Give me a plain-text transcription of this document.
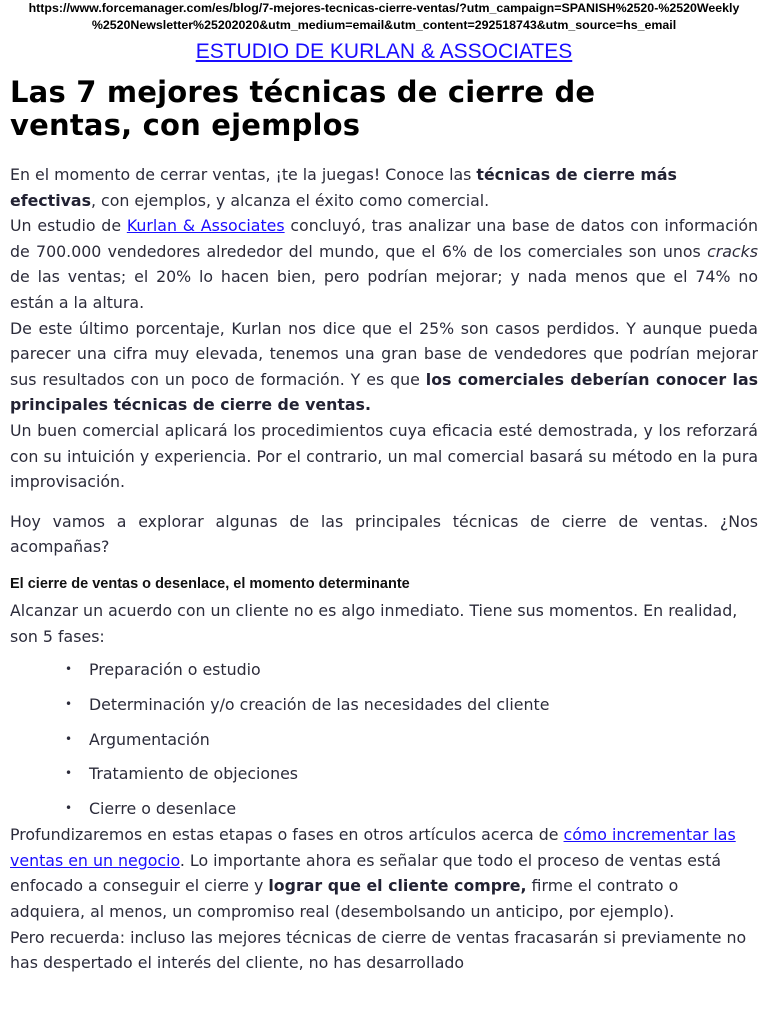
https://www.forcemanager.com/es/blog/7-mejores-tecnicas-cierre-ventas/?utm_campaign=SPANISH%2520-%2520Weekly
%2520Newsletter%25202020&utm_medium=email&utm_content=292518743&utm_source=hs_email

ESTUDIO DE KURLAN & ASSOCIATES
Las 7 mejores técnicas de cierre de
ventas, con ejemplos

En el momento de cerrar ventas, ¡te la juegas! Conoce las técnicas de cierre más efectivas, con ejemplos, y alcanza el éxito como comercial.

Un estudio de Kurlan & Associates concluyó, tras analizar una base de datos con información de 700.000 vendedores alrededor del mundo, que el 6% de los comerciales son unos cracks de las ventas; el 20% lo hacen bien, pero podrían mejorar; y nada menos que el 74% no están a la altura.

De este último porcentaje, Kurlan nos dice que el 25% son casos perdidos. Y aunque pueda parecer una cifra muy elevada, tenemos una gran base de vendedores que podrían mejorar sus resultados con un poco de formación. Y es que los comerciales deberían conocer las principales técnicas de cierre de ventas.

Un buen comercial aplicará los procedimientos cuya eficacia esté demostrada, y los reforzará con su intuición y experiencia. Por el contrario, un mal comercial basará su método en la pura improvisación.

Hoy vamos a explorar algunas de las principales técnicas de cierre de ventas. ¿Nos acompañas?

El cierre de ventas o desenlace, el momento determinante

Alcanzar un acuerdo con un cliente no es algo inmediato. Tiene sus momentos. En realidad, son 5 fases:

• Preparación o estudio
• Determinación y/o creación de las necesidades del cliente
• Argumentación
• Tratamiento de objeciones
• Cierre o desenlace

Profundizaremos en estas etapas o fases en otros artículos acerca de cómo incrementar las ventas en un negocio. Lo importante ahora es señalar que todo el proceso de ventas está enfocado a conseguir el cierre y lograr que el cliente compre, firme el contrato o adquiera, al menos, un compromiso real (desembolsando un anticipo, por ejemplo).

Pero recuerda: incluso las mejores técnicas de cierre de ventas fracasarán si previamente no has despertado el interés del cliente, no has desarrollado
